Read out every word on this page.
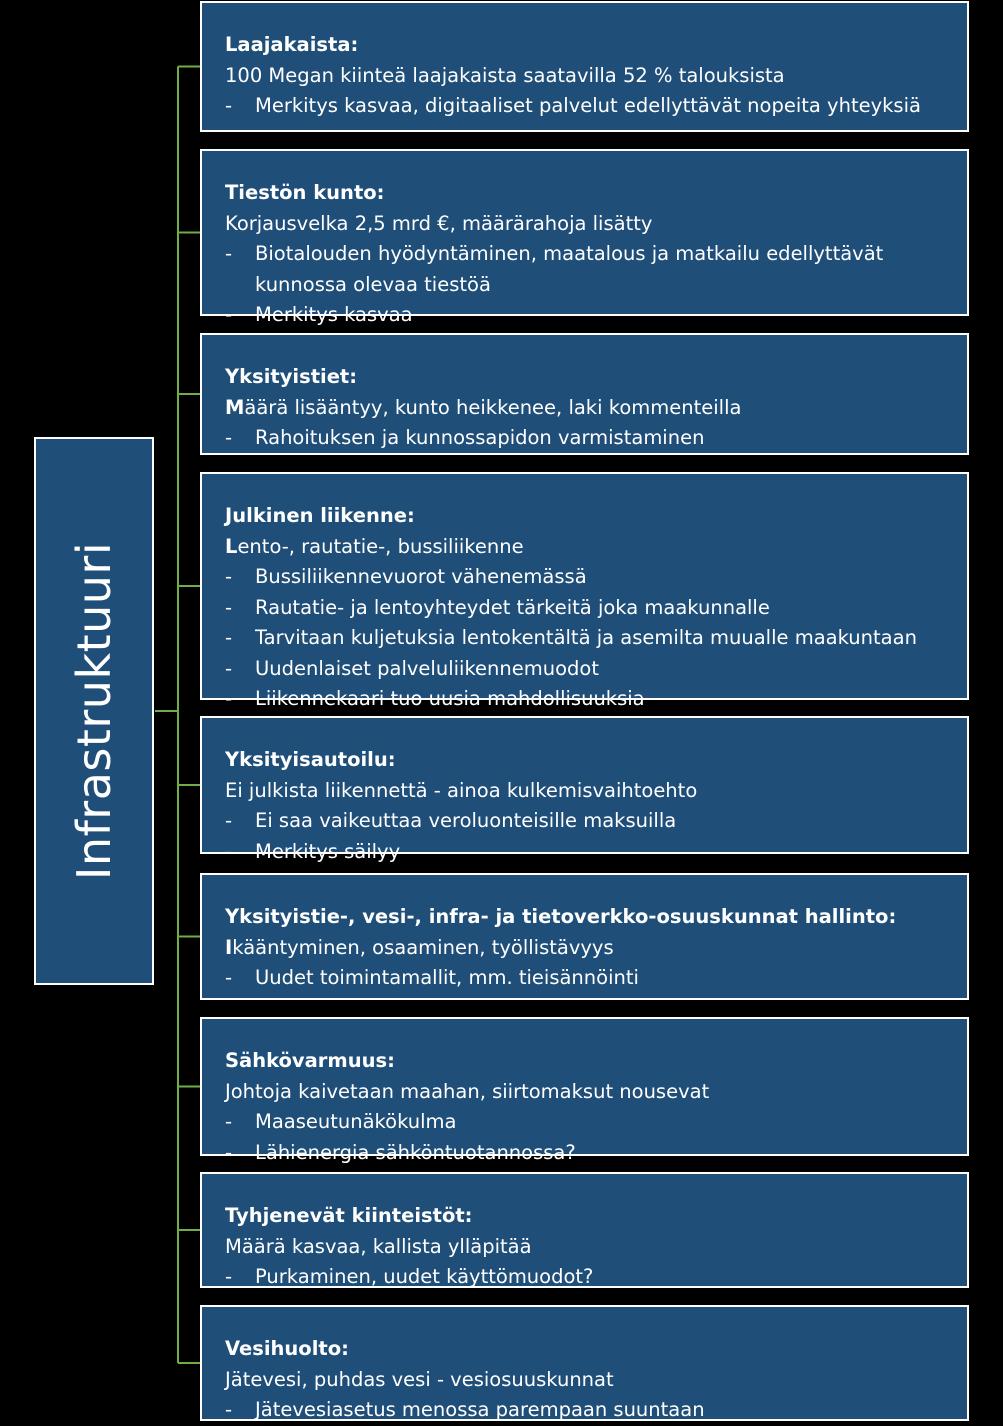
Infrastruktuuri
Laajakaista:
100 Megan kiinteä laajakaista saatavilla 52 % talouksista
- Merkitys kasvaa, digitaaliset palvelut edellyttävät nopeita yhteyksiä
Tiestön kunto:
Korjausvelka 2,5 mrd €, määrärahoja lisätty
- Biotalouden hyödyntäminen, maatalous ja matkailu edellyttävät kunnossa olevaa tiestöä
- Merkitys kasvaa
Yksityistiet:
Määrä lisääntyy, kunto heikkenee, laki kommenteilla
- Rahoituksen ja kunnossapidon varmistaminen
Julkinen liikenne:
Lento-, rautatie-, bussiliikenne
- Bussiliikennevuorot vähenemässä
- Rautatie- ja lentoyhteydet tärkeitä joka maakunnalle
- Tarvitaan kuljetuksia lentokentältä ja asemilta muualle maakuntaan
- Uudenlaiset palveluliikennemuodot
- Liikennekaari tuo uusia mahdollisuuksia
Yksityisautoilu:
Ei julkista liikennettä - ainoa kulkemisvaihtoehto
- Ei saa vaikeuttaa veroluonteisille maksuilla
- Merkitys säilyy
Yksityistie-, vesi-, infra- ja tietoverkko-osuuskunnat hallinto:
Ikääntyminen, osaaminen, työllistävyys
- Uudet toimintamallit, mm. tieisännöinti
Sähkövarmuus:
Johtoja kaivetaan maahan, siirtomaksut nousevat
- Maaseutunäkökulma
- Lähienergia sähköntuotannossa?
Tyhjenevät kiinteistöt:
Määrä kasvaa, kallista ylläpitää
- Purkaminen, uudet käyttömuodot?
Vesihuolto:
Jätevesi, puhdas vesi - vesiosuuskunnat
- Jätevesiasetus menossa parempaan suuntaan
